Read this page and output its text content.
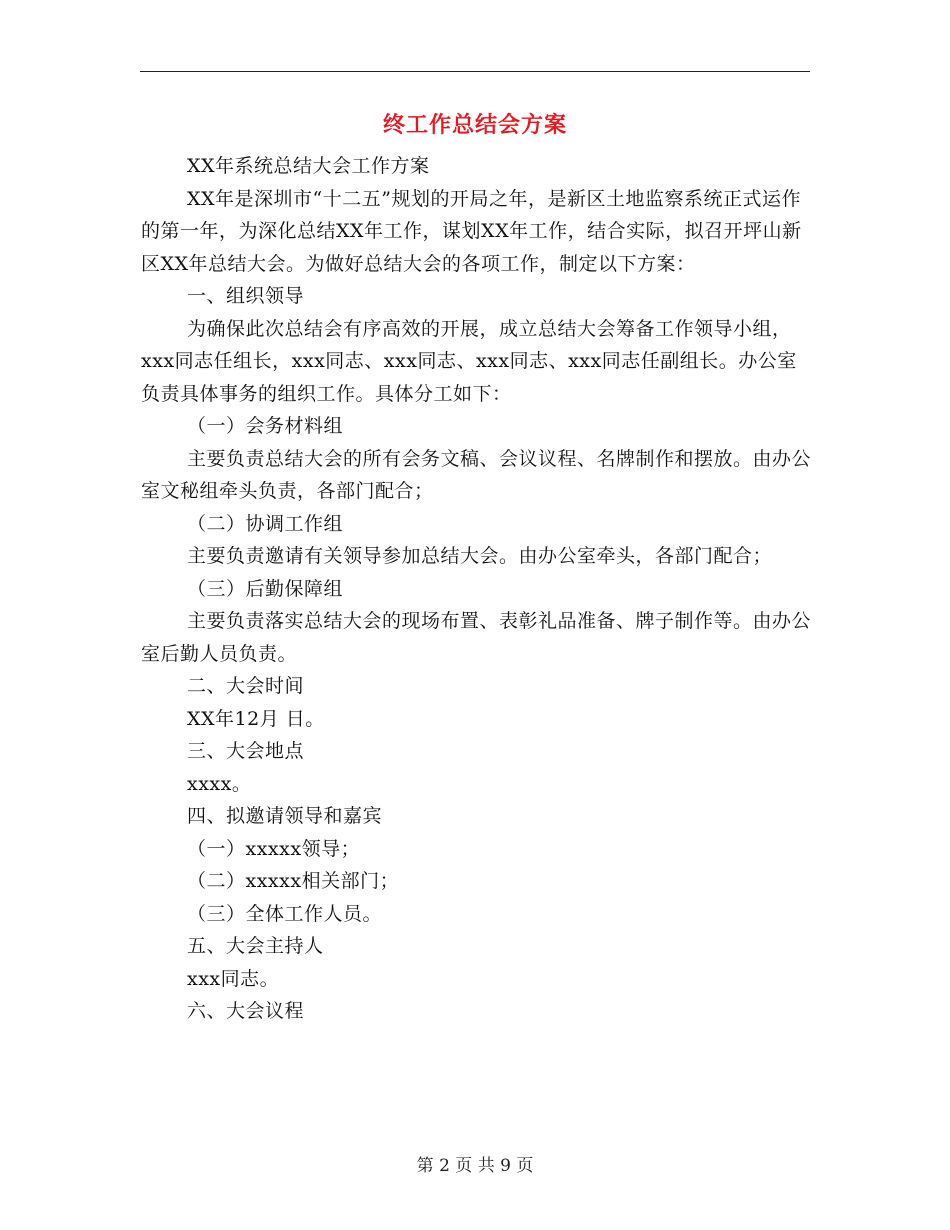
终工作总结会方案

XX年系统总结大会工作方案

XX年是深圳市“十二五”规划的开局之年，是新区土地监察系统正式运作的第一年，为深化总结XX年工作，谋划XX年工作，结合实际，拟召开坪山新区XX年总结大会。为做好总结大会的各项工作，制定以下方案：

一、组织领导

为确保此次总结会有序高效的开展，成立总结大会筹备工作领导小组，xxx同志任组长，xxx同志、xxx同志、xxx同志、xxx同志任副组长。办公室负责具体事务的组织工作。具体分工如下：

（一）会务材料组

主要负责总结大会的所有会务文稿、会议议程、名牌制作和摆放。由办公室文秘组牵头负责，各部门配合；

（二）协调工作组

主要负责邀请有关领导参加总结大会。由办公室牵头，各部门配合；

（三）后勤保障组

主要负责落实总结大会的现场布置、表彰礼品准备、牌子制作等。由办公室后勤人员负责。

二、大会时间

XX年12月 日。

三、大会地点

xxxx。

四、拟邀请领导和嘉宾

（一）xxxxx领导；

（二）xxxxx相关部门；

（三）全体工作人员。

五、大会主持人

xxx同志。

六、大会议程

第 2 页 共 9 页
